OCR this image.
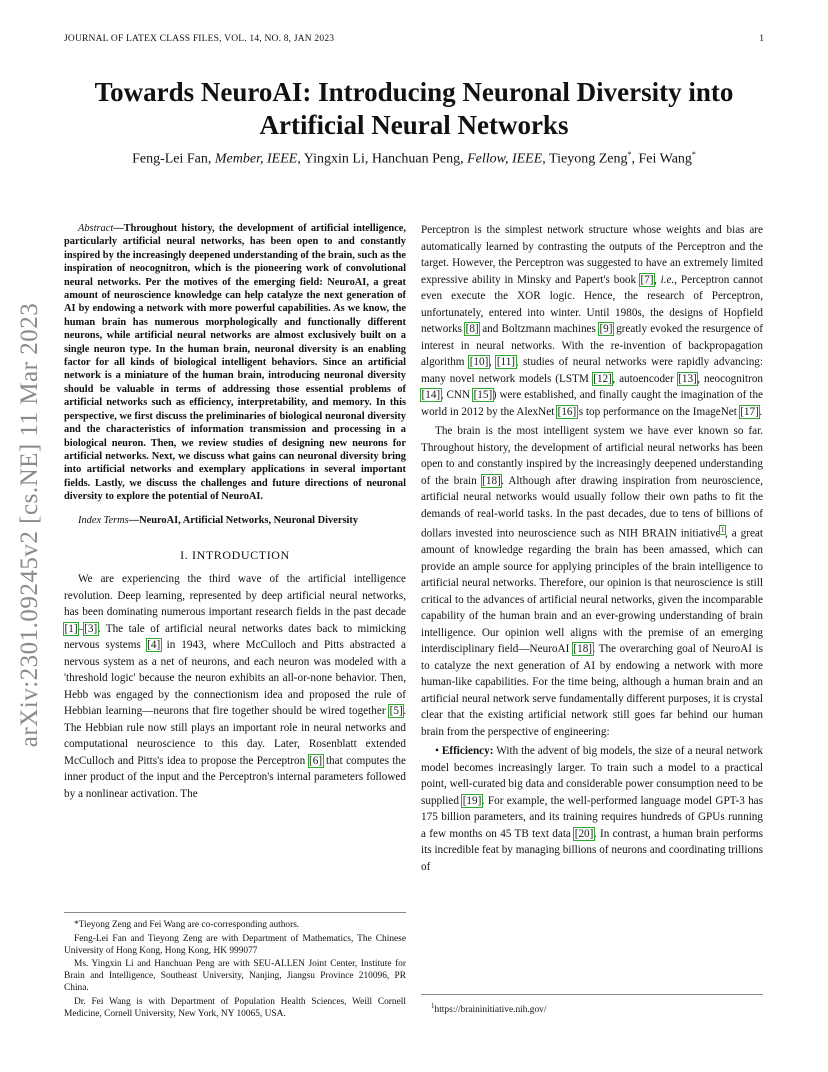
JOURNAL OF LATEX CLASS FILES, VOL. 14, NO. 8, JAN 2023	1
Towards NeuroAI: Introducing Neuronal Diversity into Artificial Neural Networks
Feng-Lei Fan, Member, IEEE, Yingxin Li, Hanchuan Peng, Fellow, IEEE, Tieyong Zeng*, Fei Wang*
arXiv:2301.09245v2 [cs.NE] 11 Mar 2023

Abstract—Throughout history, the development of artificial intelligence, particularly artificial neural networks, has been open to and constantly inspired by the increasingly deepened understanding of the brain, such as the inspiration of neocognitron, which is the pioneering work of convolutional neural networks. Per the motives of the emerging field: NeuroAI, a great amount of neuroscience knowledge can help catalyze the next generation of AI by endowing a network with more powerful capabilities. As we know, the human brain has numerous morphologically and functionally different neurons, while artificial neural networks are almost exclusively built on a single neuron type. In the human brain, neuronal diversity is an enabling factor for all kinds of biological intelligent behaviors. Since an artificial network is a miniature of the human brain, introducing neuronal diversity should be valuable in terms of addressing those essential problems of artificial networks such as efficiency, interpretability, and memory. In this perspective, we first discuss the preliminaries of biological neuronal diversity and the characteristics of information transmission and processing in a biological neuron. Then, we review studies of designing new neurons for artificial networks. Next, we discuss what gains can neuronal diversity bring into artificial networks and exemplary applications in several important fields. Lastly, we discuss the challenges and future directions of neuronal diversity to explore the potential of NeuroAI.

Index Terms—NeuroAI, Artificial Networks, Neuronal Diversity

I. INTRODUCTION

We are experiencing the third wave of the artificial intelligence revolution. Deep learning, represented by deep artificial neural networks, has been dominating numerous important research fields in the past decade [1]–[3]. The tale of artificial neural networks dates back to mimicking nervous systems [4] in 1943, where McCulloch and Pitts abstracted a nervous system as a net of neurons, and each neuron was modeled with a 'threshold logic' because the neuron exhibits an all-or-none behavior. Then, Hebb was engaged by the connectionism idea and proposed the rule of Hebbian learning—neurons that fire together should be wired together [5]. The Hebbian rule now still plays an important role in neural networks and computational neuroscience to this day. Later, Rosenblatt extended McCulloch and Pitts's idea to propose the Perceptron [6] that computes the inner product of the input and the Perceptron's internal parameters followed by a nonlinear activation. The

*Tieyong Zeng and Fei Wang are co-corresponding authors.

Feng-Lei Fan and Tieyong Zeng are with Department of Mathematics, The Chinese University of Hong Kong, Hong Kong, HK 999077

Ms. Yingxin Li and Hanchuan Peng are with SEU-ALLEN Joint Center, Institute for Brain and Intelligence, Southeast University, Nanjing, Jiangsu Province 210096, PR China.

Dr. Fei Wang is with Department of Population Health Sciences, Weill Cornell Medicine, Cornell University, New York, NY 10065, USA.

Perceptron is the simplest network structure whose weights and bias are automatically learned by contrasting the outputs of the Perceptron and the target. However, the Perceptron was suggested to have an extremely limited expressive ability in Minsky and Papert's book [7], i.e., Perceptron cannot even execute the XOR logic. Hence, the research of Perceptron, unfortunately, entered into winter. Until 1980s, the designs of Hopfield networks [8] and Boltzmann machines [9] greatly evoked the resurgence of interest in neural networks. With the re-invention of backpropagation algorithm [10], [11], studies of neural networks were rapidly advancing: many novel network models (LSTM [12], autoencoder [13], neocognitron [14], CNN [15]) were established, and finally caught the imagination of the world in 2012 by the AlexNet [16]'s top performance on the ImageNet [17].

The brain is the most intelligent system we have ever known so far. Throughout history, the development of artificial neural networks has been open to and constantly inspired by the increasingly deepened understanding of the brain [18]. Although after drawing inspiration from neuroscience, artificial neural networks would usually follow their own paths to fit the demands of real-world tasks. In the past decades, due to tens of billions of dollars invested into neuroscience such as NIH BRAIN initiative$^1$, a great amount of knowledge regarding the brain has been amassed, which can provide an ample source for applying principles of the brain intelligence to artificial neural networks. Therefore, our opinion is that neuroscience is still critical to the advances of artificial neural networks, given the incomparable capability of the human brain and an ever-growing understanding of brain intelligence. Our opinion well aligns with the premise of an emerging interdisciplinary field—NeuroAI [18]. The overarching goal of NeuroAI is to catalyze the next generation of AI by endowing a network with more human-like capabilities. For the time being, although a human brain and an artificial neural network serve fundamentally different purposes, it is crystal clear that the existing artificial network still goes far behind our human brain from the perspective of engineering:

• Efficiency: With the advent of big models, the size of a neural network model becomes increasingly larger. To train such a model to a practical point, well-curated big data and considerable power consumption need to be supplied [19]. For example, the well-performed language model GPT-3 has 175 billion parameters, and its training requires hundreds of GPUs running a few months on 45 TB text data [20]. In contrast, a human brain performs its incredible feat by managing billions of neurons and coordinating trillions of

$^1$https://braininitiative.nih.gov/
